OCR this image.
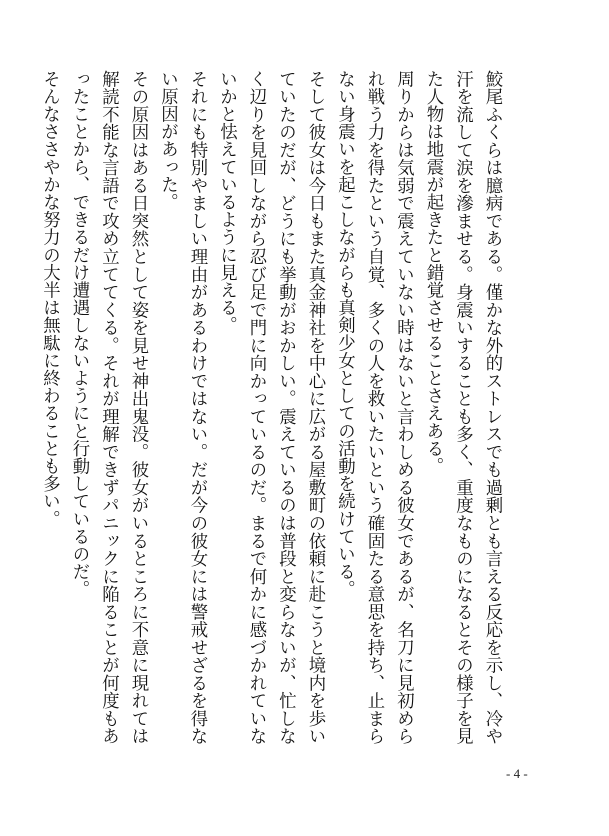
鮫尾ふくらは臆病である。僅かな外的ストレスでも過剰とも言える反応を示し、冷や汗を流して涙を滲ませる。身震いすることも多く、重度なものになるとその様子を見た人物は地震が起きたと錯覚させることさえある。

周りからは気弱で震えていない時はないと言わしめる彼女であるが、名刀に見初められ戦う力を得たという自覚、多くの人を救いたいという確固たる意思を持ち、止まらない身震いを起こしながらも真剣少女としての活動を続けている。

そして彼女は今日もまた真金神社を中心に広がる屋敷町の依頼に赴こうと境内を歩いていたのだが、どうにも挙動がおかしい。震えているのは普段と変らないが、忙しなく辺りを見回しながら忍び足で門に向かっているのだ。まるで何かに感づかれていないかと怯えているように見える。

それにも特別やましい理由があるわけではない。だが今の彼女には警戒せざるを得ない原因があった。

その原因はある日突然として姿を見せ神出鬼没。彼女がいるところに不意に現れては解読不能な言語で攻め立ててくる。それが理解できずパニックに陥ることが何度もあったことから、できるだけ遭遇しないようにと行動しているのだ。

そんなささやかな努力の大半は無駄に終わることも多い。

- 4 -
